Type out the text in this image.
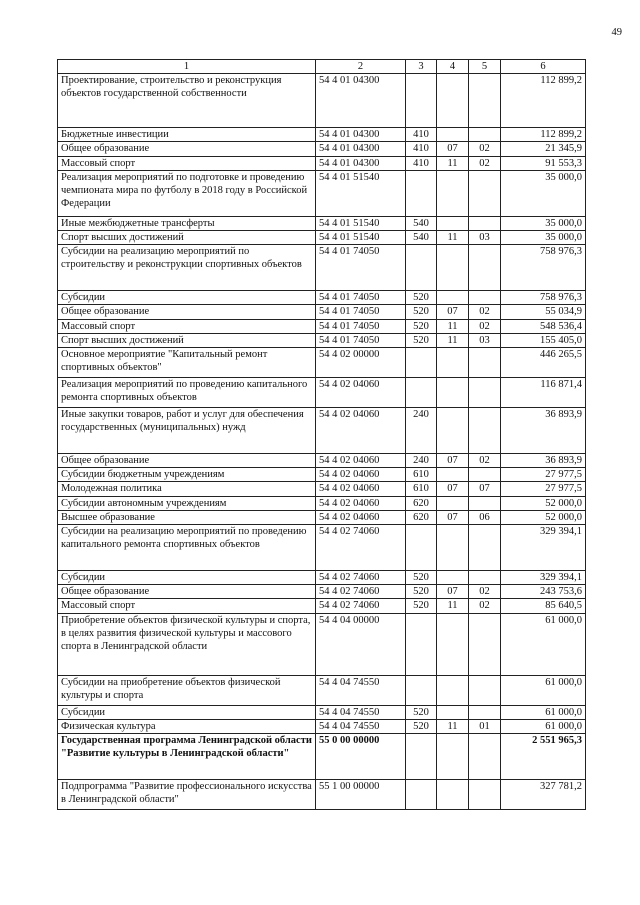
49
1	2	3	4	5	6
Проектирование, строительство и реконструкция объектов государственной собственности	54 4 01 04300				112 899,2
Бюджетные инвестиции	54 4 01 04300	410			112 899,2
Общее образование	54 4 01 04300	410	07	02	21 345,9
Массовый спорт	54 4 01 04300	410	11	02	91 553,3
Реализация мероприятий по подготовке и проведению чемпионата мира по футболу в 2018 году в Российской Федерации	54 4 01 51540				35 000,0
Иные межбюджетные трансферты	54 4 01 51540	540			35 000,0
Спорт высших достижений	54 4 01 51540	540	11	03	35 000,0
Субсидии на реализацию мероприятий по строительству и реконструкции спортивных объектов	54 4 01 74050				758 976,3
Субсидии	54 4 01 74050	520			758 976,3
Общее образование	54 4 01 74050	520	07	02	55 034,9
Массовый спорт	54 4 01 74050	520	11	02	548 536,4
Спорт высших достижений	54 4 01 74050	520	11	03	155 405,0
Основное мероприятие "Капитальный ремонт спортивных объектов"	54 4 02 00000				446 265,5
Реализация мероприятий по проведению капитального ремонта спортивных объектов	54 4 02 04060				116 871,4
Иные закупки товаров, работ и услуг для обеспечения государственных (муниципальных) нужд	54 4 02 04060	240			36 893,9
Общее образование	54 4 02 04060	240	07	02	36 893,9
Субсидии бюджетным учреждениям	54 4 02 04060	610			27 977,5
Молодежная политика	54 4 02 04060	610	07	07	27 977,5
Субсидии автономным учреждениям	54 4 02 04060	620			52 000,0
Высшее образование	54 4 02 04060	620	07	06	52 000,0
Субсидии на реализацию мероприятий по проведению капитального ремонта спортивных объектов	54 4 02 74060				329 394,1
Субсидии	54 4 02 74060	520			329 394,1
Общее образование	54 4 02 74060	520	07	02	243 753,6
Массовый спорт	54 4 02 74060	520	11	02	85 640,5
Приобретение объектов физической культуры и спорта, в целях развития физической культуры и массового спорта в Ленинградской области	54 4 04 00000				61 000,0
Субсидии на приобретение объектов физической культуры и спорта	54 4 04 74550				61 000,0
Субсидии	54 4 04 74550	520			61 000,0
Физическая культура	54 4 04 74550	520	11	01	61 000,0
Государственная программа Ленинградской области "Развитие культуры в Ленинградской области"	55 0 00 00000				2 551 965,3
Подпрограмма "Развитие профессионального искусства в Ленинградской области"	55 1 00 00000				327 781,2
